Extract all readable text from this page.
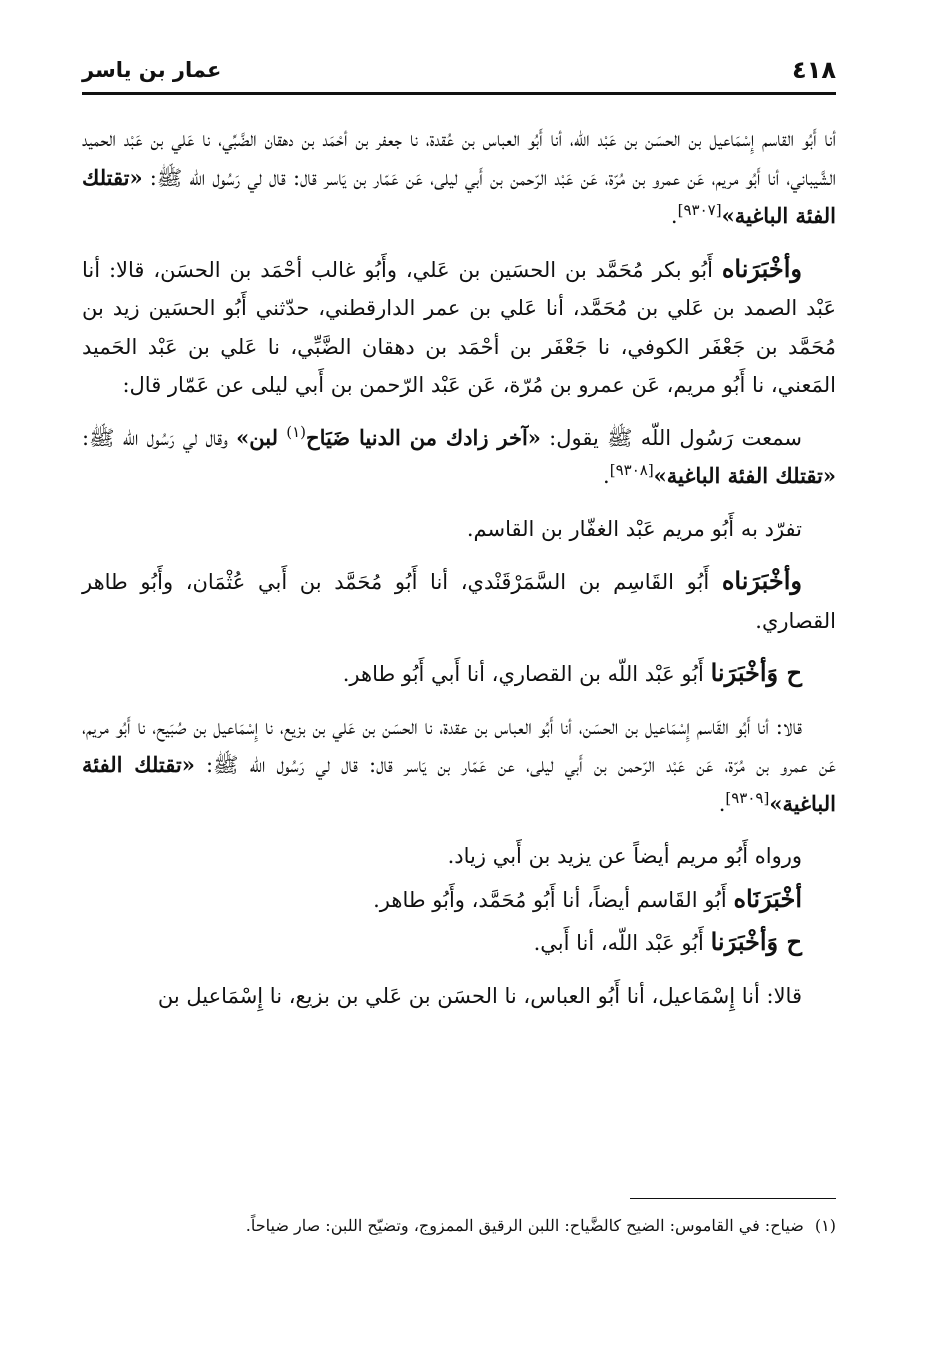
٤١٨
عمار بن ياسر

أنا أَبُو القاسم إِسْمَاعيل بن الحسَن بن عَبْد اللّه، أنا أَبُو العباس بن عُقدة، نا جعفر بن أحْمَد بن دهقان الضَّبِّي، نا عَلي بن عَبْد الحميد الشَّيباني، أنا أَبُو مريم، عَن عمرو بن مُرّة، عَن عَبْد الرّحمن بن أَبي ليلى، عَن عَمّار بن يَاسر قال: قال لي رَسُول اللّه ﷺ: «تقتلك الفئة الباغية»[٩٣٠٧].

وأخْبَرَناه أَبُو بكر مُحَمَّد بن الحسَين بن عَلي، وأَبُو غالب أحْمَد بن الحسَن، قالا: أنا عَبْد الصمد بن عَلي بن مُحَمَّد، أنا عَلي بن عمر الدارقطني، حدّثني أَبُو الحسَين زيد بن مُحَمَّد بن جَعْفَر الكوفي، نا جَعْفَر بن أحْمَد بن دهقان الضَّبِّي، نا عَلي بن عَبْد الحَميد المَعني، نا أَبُو مريم، عَن عمرو بن مُرّة، عَن عَبْد الرّحمن بن أَبي ليلى عن عَمّار قال:

سمعت رَسُول اللّه ﷺ يقول: «آخر زادك من الدنيا ضَيَاح$^{(١)}$ لبن» وقال لي رَسُول اللّه ﷺ: «تقتلك الفئة الباغية»[٩٣٠٨].

تفرّد به أَبُو مريم عَبْد الغفّار بن القاسم.

وأخْبَرَناه أَبُو القَاسِم بن السَّمَرْقَنْدي، أنا أَبُو مُحَمَّد بن أَبي عُثْمَان، وأَبُو طاهر القصاري.

ح وَأخْبَرَنا أَبُو عَبْد اللّه بن القصاري، أنا أَبي أَبُو طاهر.

قالا: أنا أَبُو القَاسم إِسْمَاعيل بن الحسَن، أنا أَبُو العباس بن عقدة، نا الحسَن بن عَلي بن بزيع، نا إِسْمَاعيل بن صُبَيح، نا أَبُو مريم، عَن عمرو بن مُرّة، عَن عَبْد الرّحمن بن أَبي ليلى، عن عَمّار بن يَاسر قال: قال لي رَسُول اللّه ﷺ: «تقتلك الفئة الباغية»[٩٣٠٩].

ورواه أَبُو مريم أيضاً عن يزيد بن أَبي زياد.

أخْبَرَنَاه أَبُو القَاسم أيضاً، أنا أَبُو مُحَمَّد، وأَبُو طاهر.

ح وَأخْبَرَنا أَبُو عَبْد اللّه، أنا أَبي.

قالا: أنا إِسْمَاعيل، أنا أَبُو العباس، نا الحسَن بن عَلي بن بزيع، نا إِسْمَاعيل بن

(١) ضياح: في القاموس: الضيح كالضَّياح: اللبن الرقيق الممزوج، وتضيّح اللبن: صار ضياحاً.
